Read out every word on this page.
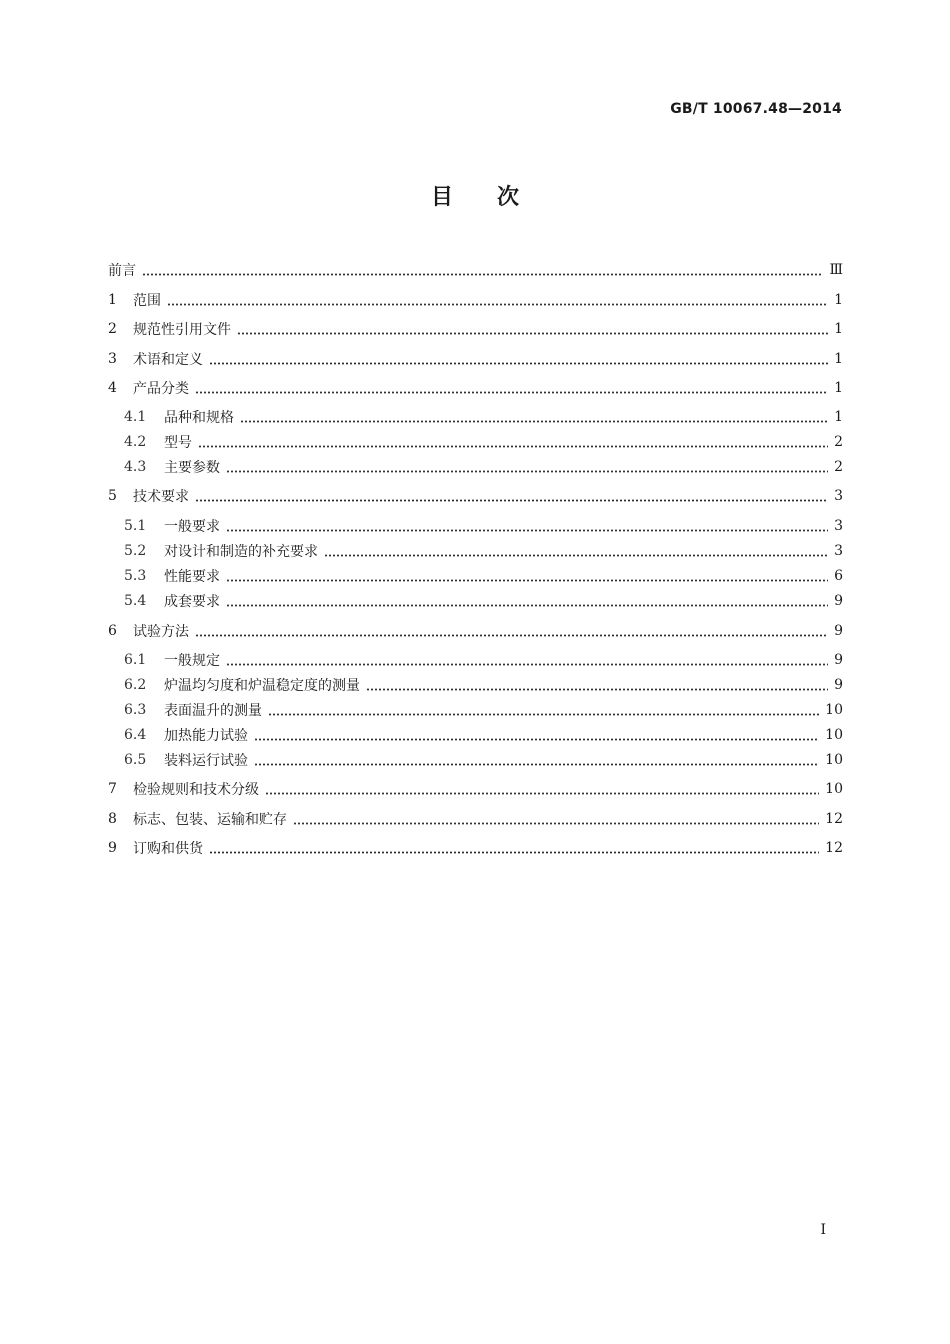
GB/T 10067.48—2014
目 次
前言	Ⅲ
1	范围	1
2	规范性引用文件	1
3	术语和定义	1
4	产品分类	1
4.1	品种和规格	1
4.2	型号	2
4.3	主要参数	2
5	技术要求	3
5.1	一般要求	3
5.2	对设计和制造的补充要求	3
5.3	性能要求	6
5.4	成套要求	9
6	试验方法	9
6.1	一般规定	9
6.2	炉温均匀度和炉温稳定度的测量	9
6.3	表面温升的测量	10
6.4	加热能力试验	10
6.5	装料运行试验	10
7	检验规则和技术分级	10
8	标志、包装、运输和贮存	12
9	订购和供货	12
Ⅰ
